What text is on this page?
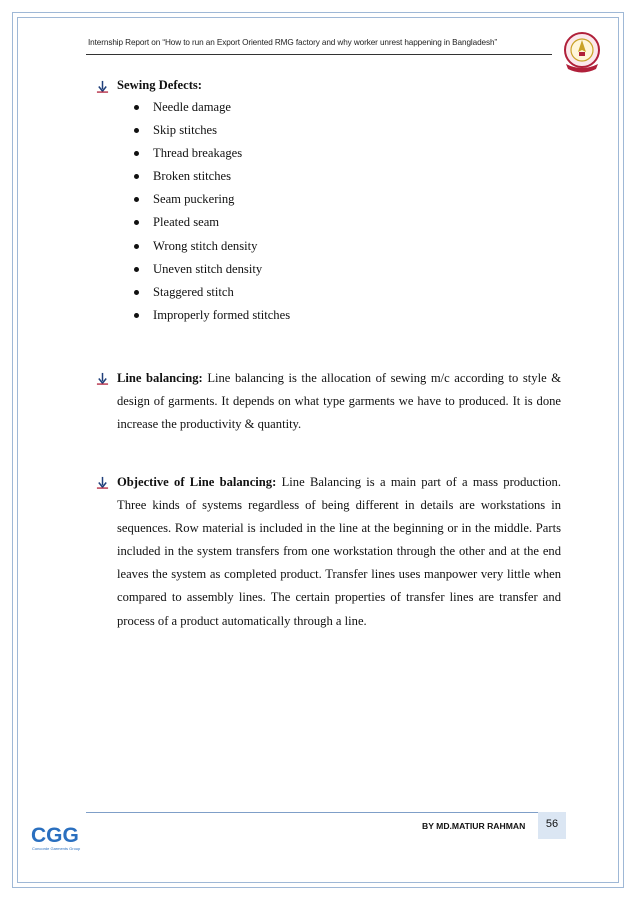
Internship Report on “How to run an Export Oriented RMG factory and why worker unrest happening in Bangladesh”
Sewing Defects:
Needle damage
Skip stitches
Thread breakages
Broken stitches
Seam puckering
Pleated seam
Wrong stitch density
Uneven stitch density
Staggered stitch
Improperly formed stitches
Line balancing: Line balancing is the allocation of sewing m/c according to style & design of garments. It depends on what type garments we have to produced. It is done increase the productivity & quantity.
Objective of Line balancing: Line Balancing is a main part of a mass production. Three kinds of systems regardless of being different in details are workstations in sequences. Row material is included in the line at the beginning or in the middle. Parts included in the system transfers from one workstation through the other and at the end leaves the system as completed product. Transfer lines uses manpower very little when compared to assembly lines. The certain properties of transfer lines are transfer and process of a product automatically through a line.
BY MD.MATIUR RAHMAN	56
CGG
Concorde Garments Group
